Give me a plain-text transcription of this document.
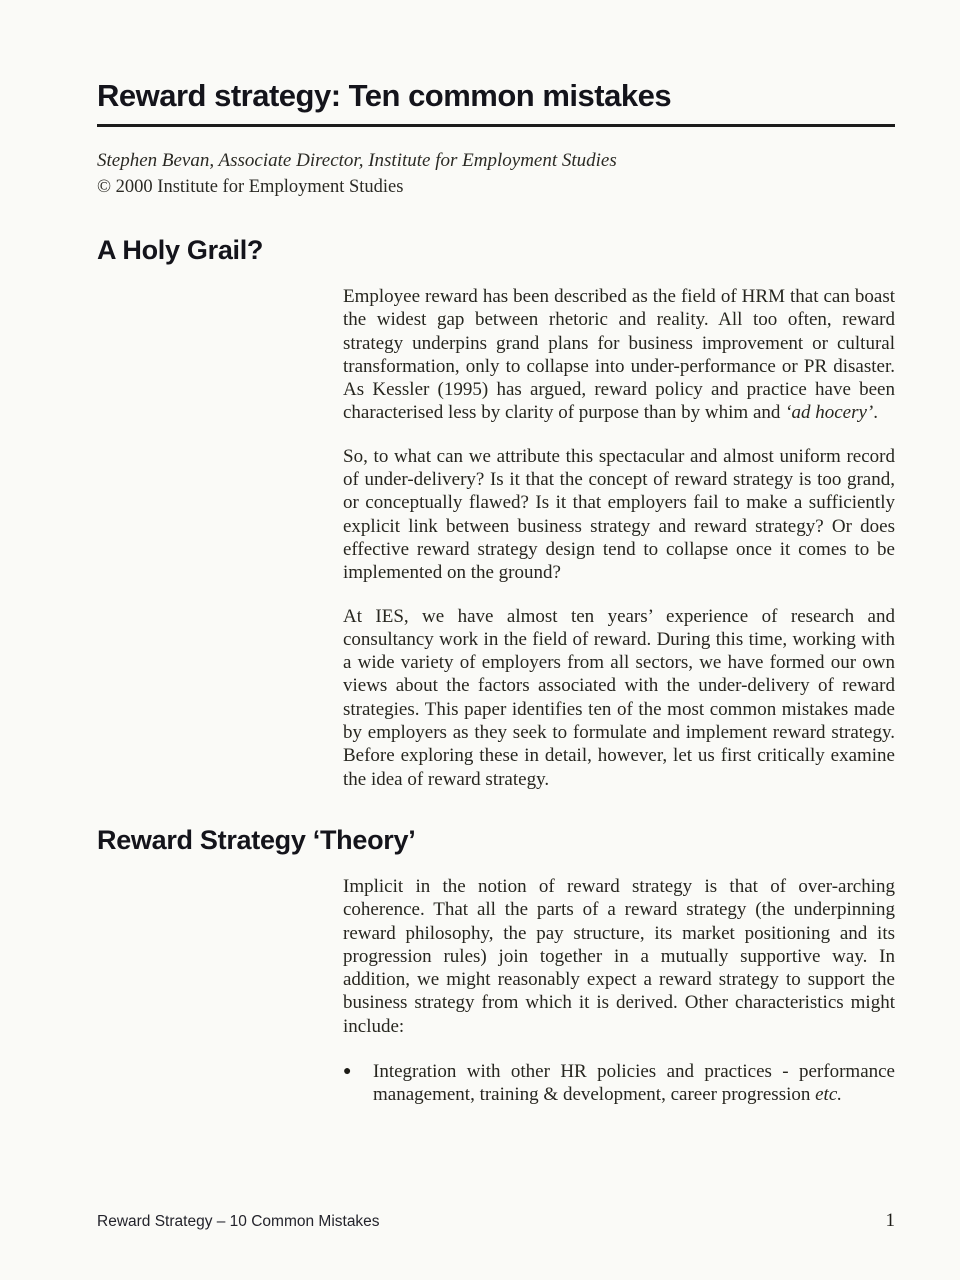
Reward strategy: Ten common mistakes
Stephen Bevan, Associate Director, Institute for Employment Studies
© 2000 Institute for Employment Studies
A Holy Grail?

Employee reward has been described as the field of HRM that can boast the widest gap between rhetoric and reality. All too often, reward strategy underpins grand plans for business improvement or cultural transformation, only to collapse into under-performance or PR disaster. As Kessler (1995) has argued, reward policy and practice have been characterised less by clarity of purpose than by whim and ‘ad hocery’.

So, to what can we attribute this spectacular and almost uniform record of under-delivery? Is it that the concept of reward strategy is too grand, or conceptually flawed? Is it that employers fail to make a sufficiently explicit link between business strategy and reward strategy? Or does effective reward strategy design tend to collapse once it comes to be implemented on the ground?

At IES, we have almost ten years’ experience of research and consultancy work in the field of reward. During this time, working with a wide variety of employers from all sectors, we have formed our own views about the factors associated with the under-delivery of reward strategies. This paper identifies ten of the most common mistakes made by employers as they seek to formulate and implement reward strategy. Before exploring these in detail, however, let us first critically examine the idea of reward strategy.

Reward Strategy ‘Theory’

Implicit in the notion of reward strategy is that of over-arching coherence. That all the parts of a reward strategy (the underpinning reward philosophy, the pay structure, its market positioning and its progression rules) join together in a mutually supportive way. In addition, we might reasonably expect a reward strategy to support the business strategy from which it is derived. Other characteristics might include:

●	Integration with other HR policies and practices - performance management, training & development, career progression etc.
Reward Strategy – 10 Common Mistakes	1
